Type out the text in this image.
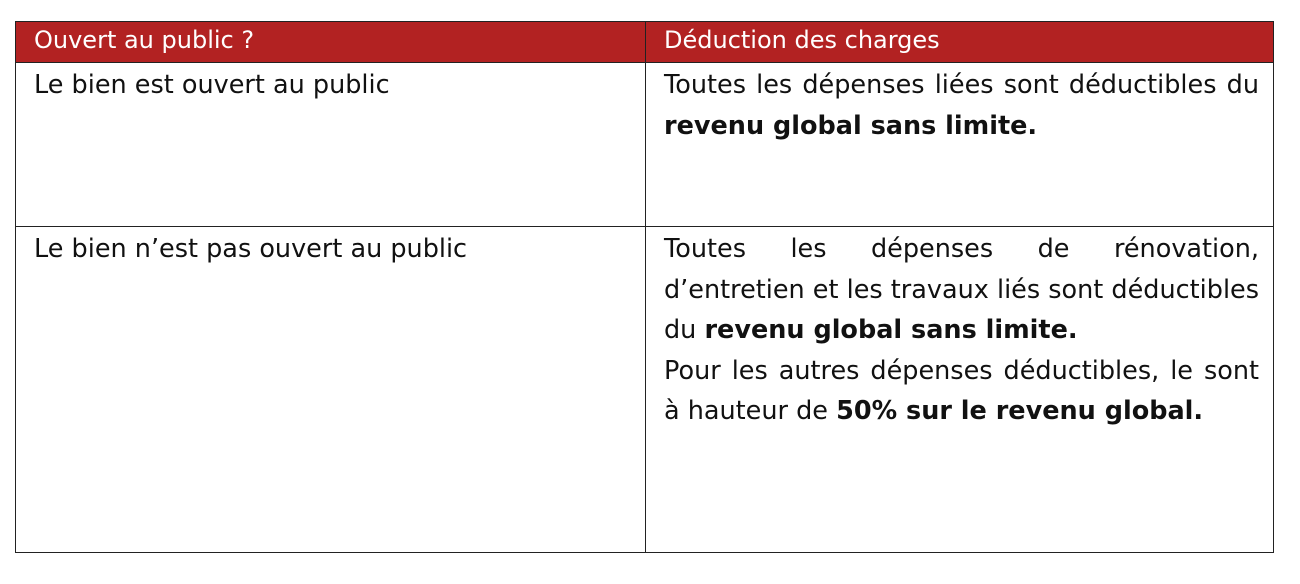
Ouvert au public ?	Déduction des charges
Le bien est ouvert au public	Toutes les dépenses liées sont déductibles du revenu global sans limite.

Le bien n’est pas ouvert au public	Toutes les dépenses de rénovation, d’entretien et les travaux liés sont déductibles du revenu global sans limite.

Pour les autres dépenses déductibles, le sont à hauteur de 50% sur le revenu global.
